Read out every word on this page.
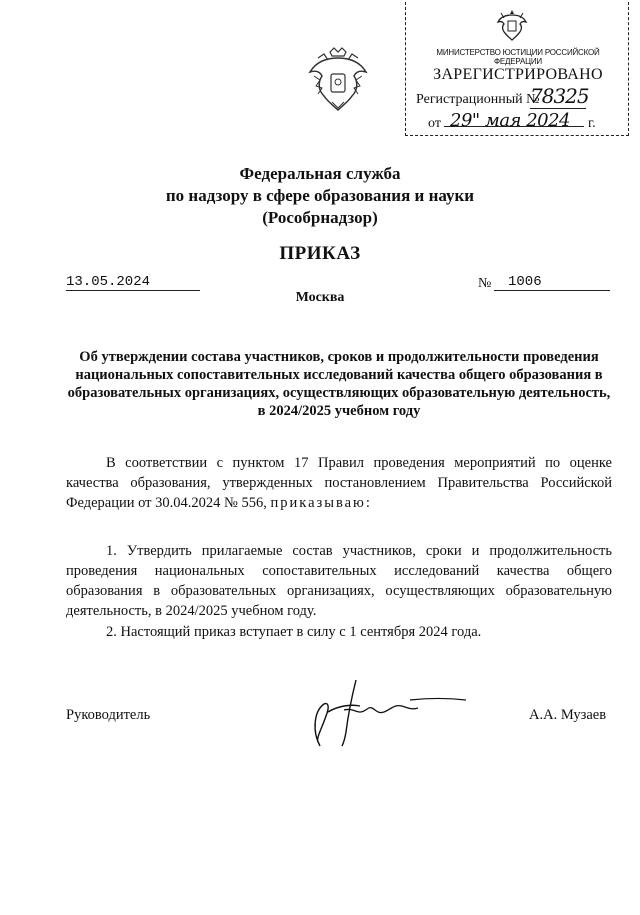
МИНИСТЕРСТВО ЮСТИЦИИ РОССИЙСКОЙ ФЕДЕРАЦИИ
ЗАРЕГИСТРИРОВАНО
Регистрационный №
78325
от	г.
29" мая 2024
Федеральная служба
по надзору в сфере образования и науки
(Рособрнадзор)
ПРИКАЗ
13.05.2024	№	1006
Москва
Об утверждении состава участников, сроков и продолжительности проведения национальных сопоставительных исследований качества общего образования в образовательных организациях, осуществляющих образовательную деятельность, в 2024/2025 учебном году
В соответствии с пунктом 17 Правил проведения мероприятий по оценке качества образования, утвержденных постановлением Правительства Российской Федерации от 30.04.2024 № 556, приказываю:
1. Утвердить прилагаемые состав участников, сроки и продолжительность проведения национальных сопоставительных исследований качества общего образования в образовательных организациях, осуществляющих образовательную деятельность, в 2024/2025 учебном году.
2. Настоящий приказ вступает в силу с 1 сентября 2024 года.
Руководитель	А.А. Музаев
